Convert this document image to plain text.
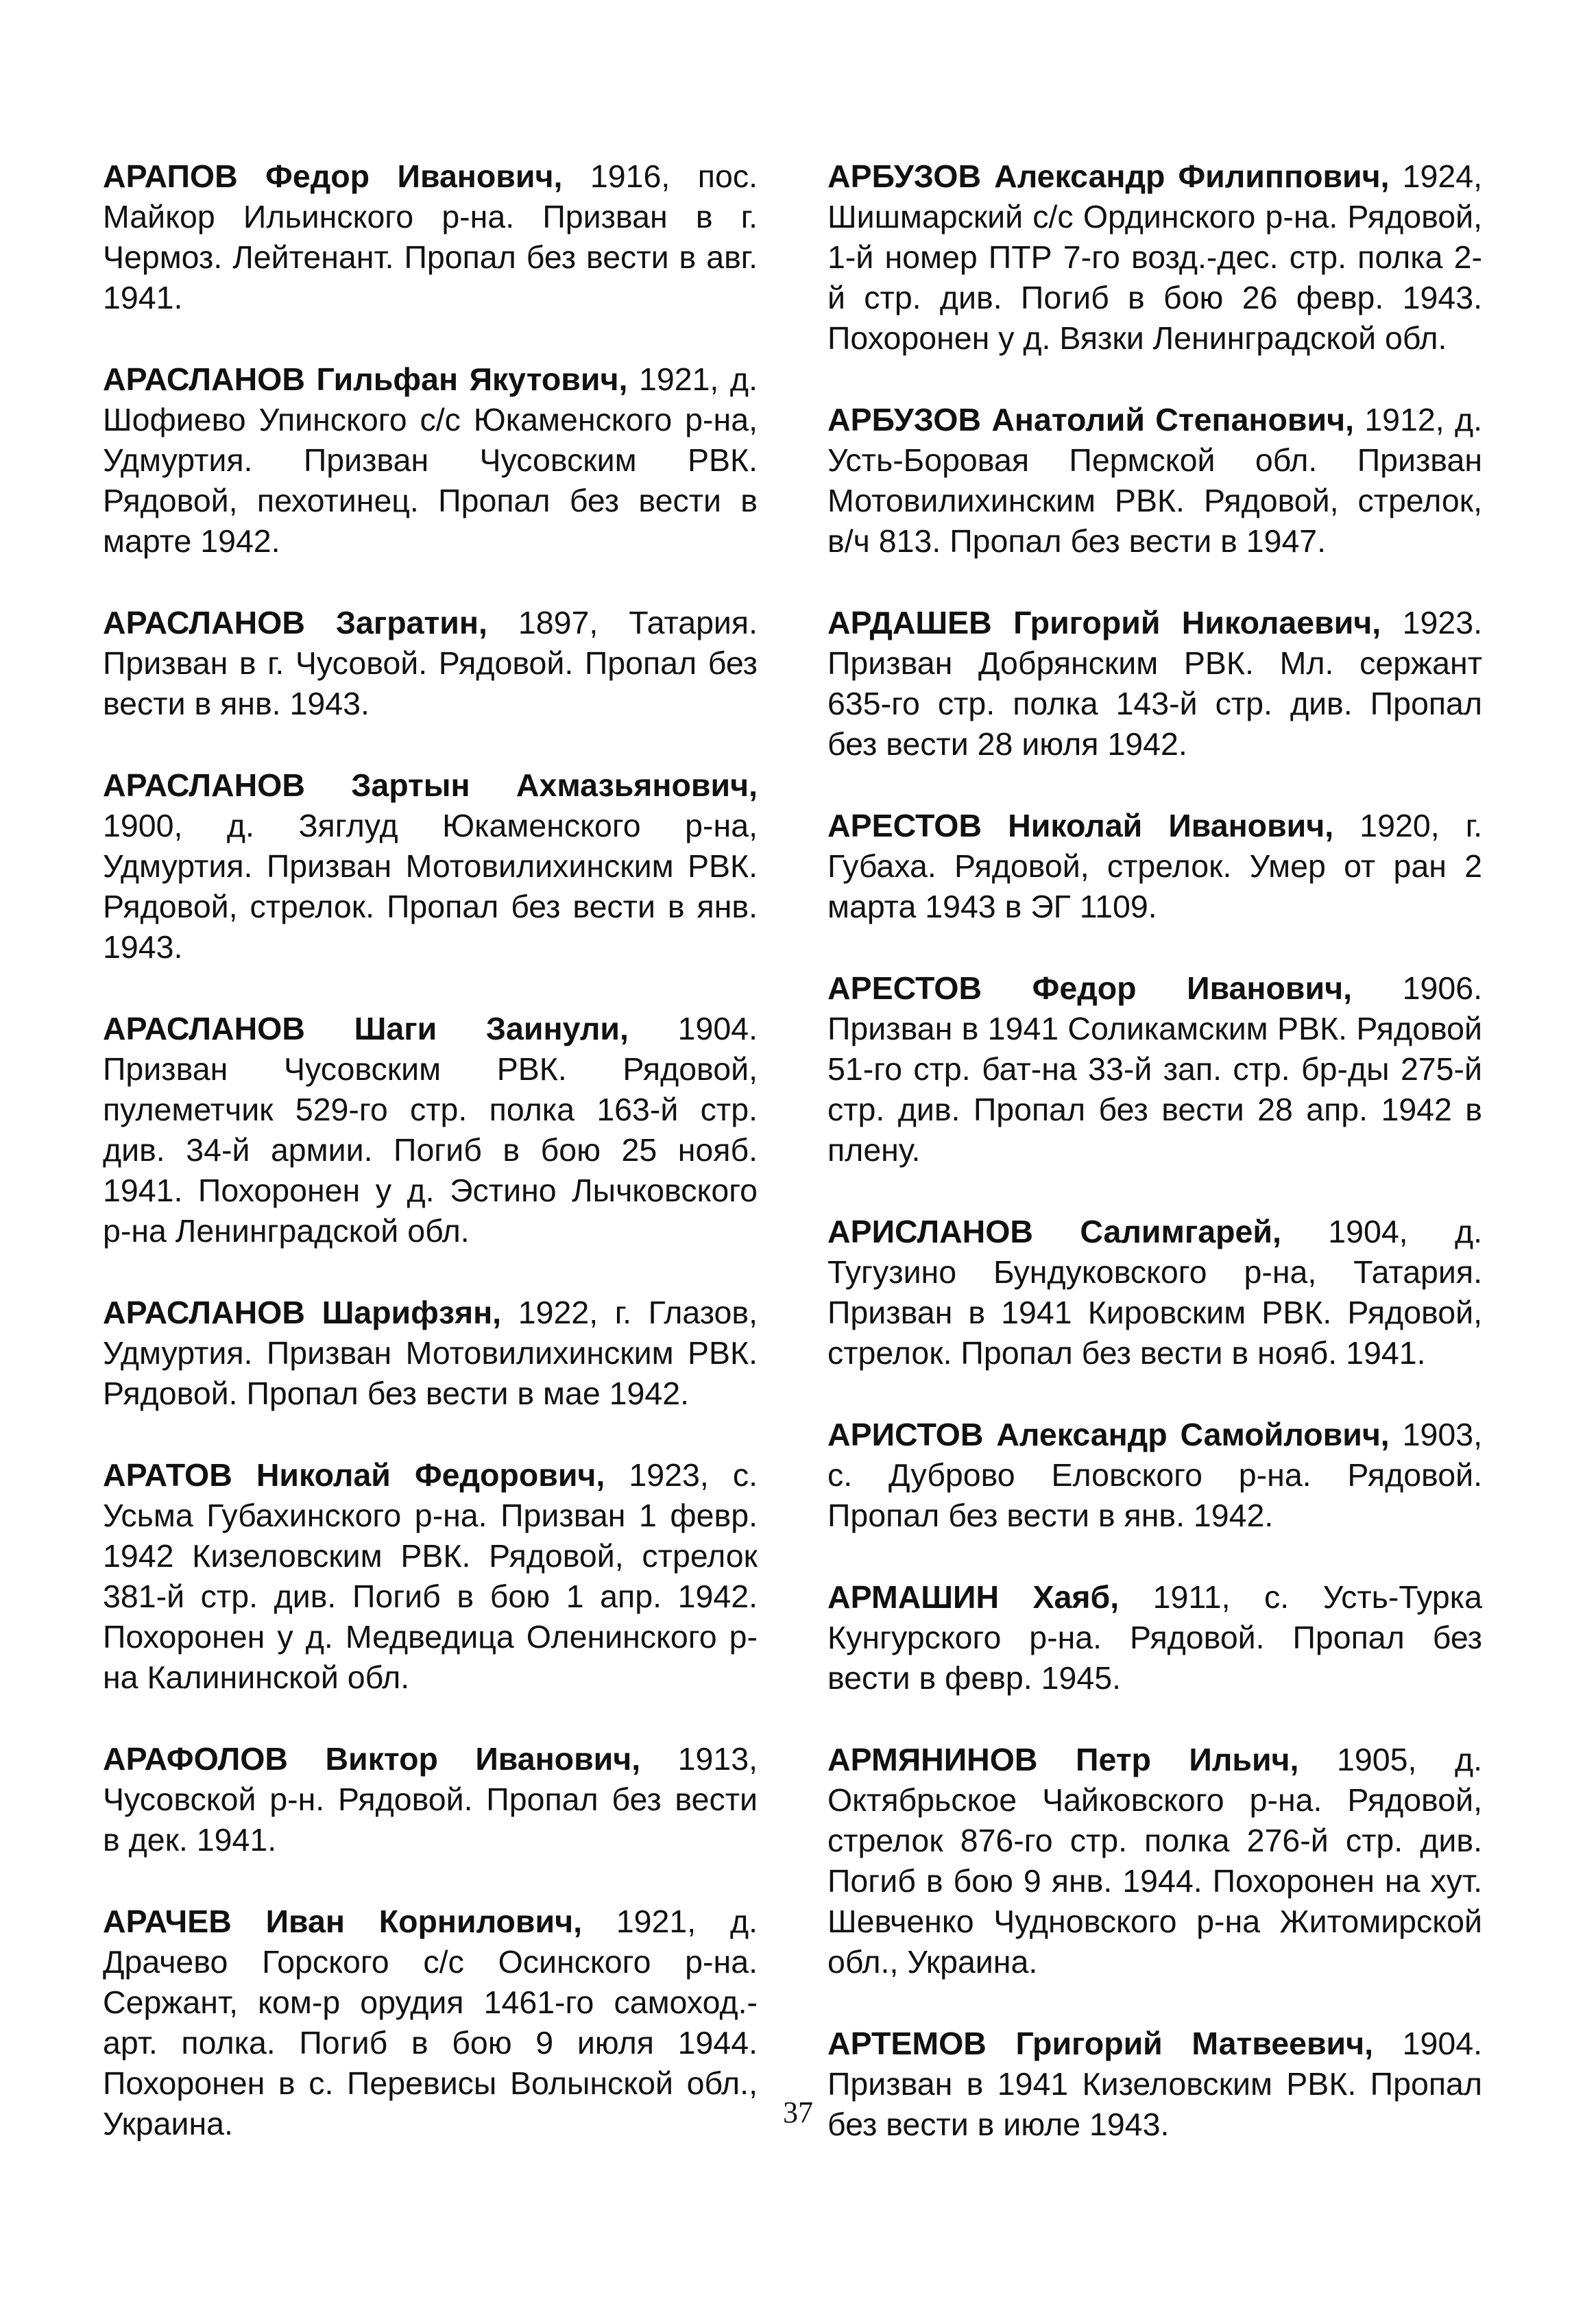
АРАПОВ Федор Иванович, 1916, пос. Майкор Ильинского р-на. Призван в г. Чермоз. Лейтенант. Пропал без вести в авг. 1941.

АРАСЛАНОВ Гильфан Якутович, 1921, д. Шофиево Упинского с/с Юкаменского р-на, Удмуртия. Призван Чусовским РВК. Рядовой, пехотинец. Пропал без вести в марте 1942.

АРАСЛАНОВ Загратин, 1897, Татария. Призван в г. Чусовой. Рядовой. Пропал без вести в янв. 1943.

АРАСЛАНОВ Зартын Ахмазьянович, 1900, д. Зяглуд Юкаменского р-на, Удмуртия. Призван Мотовилихинским РВК. Рядовой, стрелок. Пропал без вести в янв. 1943.

АРАСЛАНОВ Шаги Заинули, 1904. Призван Чусовским РВК. Рядовой, пулеметчик 529-го стр. полка 163-й стр. див. 34-й армии. Погиб в бою 25 нояб. 1941. Похоронен у д. Эстино Лычковского р-на Ленинградской обл.

АРАСЛАНОВ Шарифзян, 1922, г. Глазов, Удмуртия. Призван Мотовилихинским РВК. Рядовой. Пропал без вести в мае 1942.

АРАТОВ Николай Федорович, 1923, с. Усьма Губахинского р-на. Призван 1 февр. 1942 Кизеловским РВК. Рядовой, стрелок 381-й стр. див. Погиб в бою 1 апр. 1942. Похоронен у д. Медведица Оленинского р-на Калининской обл.

АРАФОЛОВ Виктор Иванович, 1913, Чусовской р-н. Рядовой. Пропал без вести в дек. 1941.

АРАЧЕВ Иван Корнилович, 1921, д. Драчево Горского с/с Осинского р-на. Сержант, ком-р орудия 1461-го самоход.-арт. полка. Погиб в бою 9 июля 1944. Похоронен в с. Перевисы Волынской обл., Украина.

АРБУЗОВ Александр Филиппович, 1924, Шишмарский с/с Ординского р-на. Рядовой, 1-й номер ПТР 7-го возд.-дес. стр. полка 2-й стр. див. Погиб в бою 26 февр. 1943. Похоронен у д. Вязки Ленинградской обл.

АРБУЗОВ Анатолий Степанович, 1912, д. Усть-Боровая Пермской обл. Призван Мотовилихинским РВК. Рядовой, стрелок, в/ч 813. Пропал без вести в 1947.

АРДАШЕВ Григорий Николаевич, 1923. Призван Добрянским РВК. Мл. сержант 635-го стр. полка 143-й стр. див. Пропал без вести 28 июля 1942.

АРЕСТОВ Николай Иванович, 1920, г. Губаха. Рядовой, стрелок. Умер от ран 2 марта 1943 в ЭГ 1109.

АРЕСТОВ Федор Иванович, 1906. Призван в 1941 Соликамским РВК. Рядовой 51-го стр. бат-на 33-й зап. стр. бр-ды 275-й стр. див. Пропал без вести 28 апр. 1942 в плену.

АРИСЛАНОВ Салимгарей, 1904, д. Тугузино Бундуковского р-на, Татария. Призван в 1941 Кировским РВК. Рядовой, стрелок. Пропал без вести в нояб. 1941.

АРИСТОВ Александр Самойлович, 1903, с. Дуброво Еловского р-на. Рядовой. Пропал без вести в янв. 1942.

АРМАШИН Хаяб, 1911, с. Усть-Турка Кунгурского р-на. Рядовой. Пропал без вести в февр. 1945.

АРМЯНИНОВ Петр Ильич, 1905, д. Октябрьское Чайковского р-на. Рядовой, стрелок 876-го стр. полка 276-й стр. див. Погиб в бою 9 янв. 1944. Похоронен на хут. Шевченко Чудновского р-на Житомирской обл., Украина.

АРТЕМОВ Григорий Матвеевич, 1904. Призван в 1941 Кизеловским РВК. Пропал без вести в июле 1943.

37
